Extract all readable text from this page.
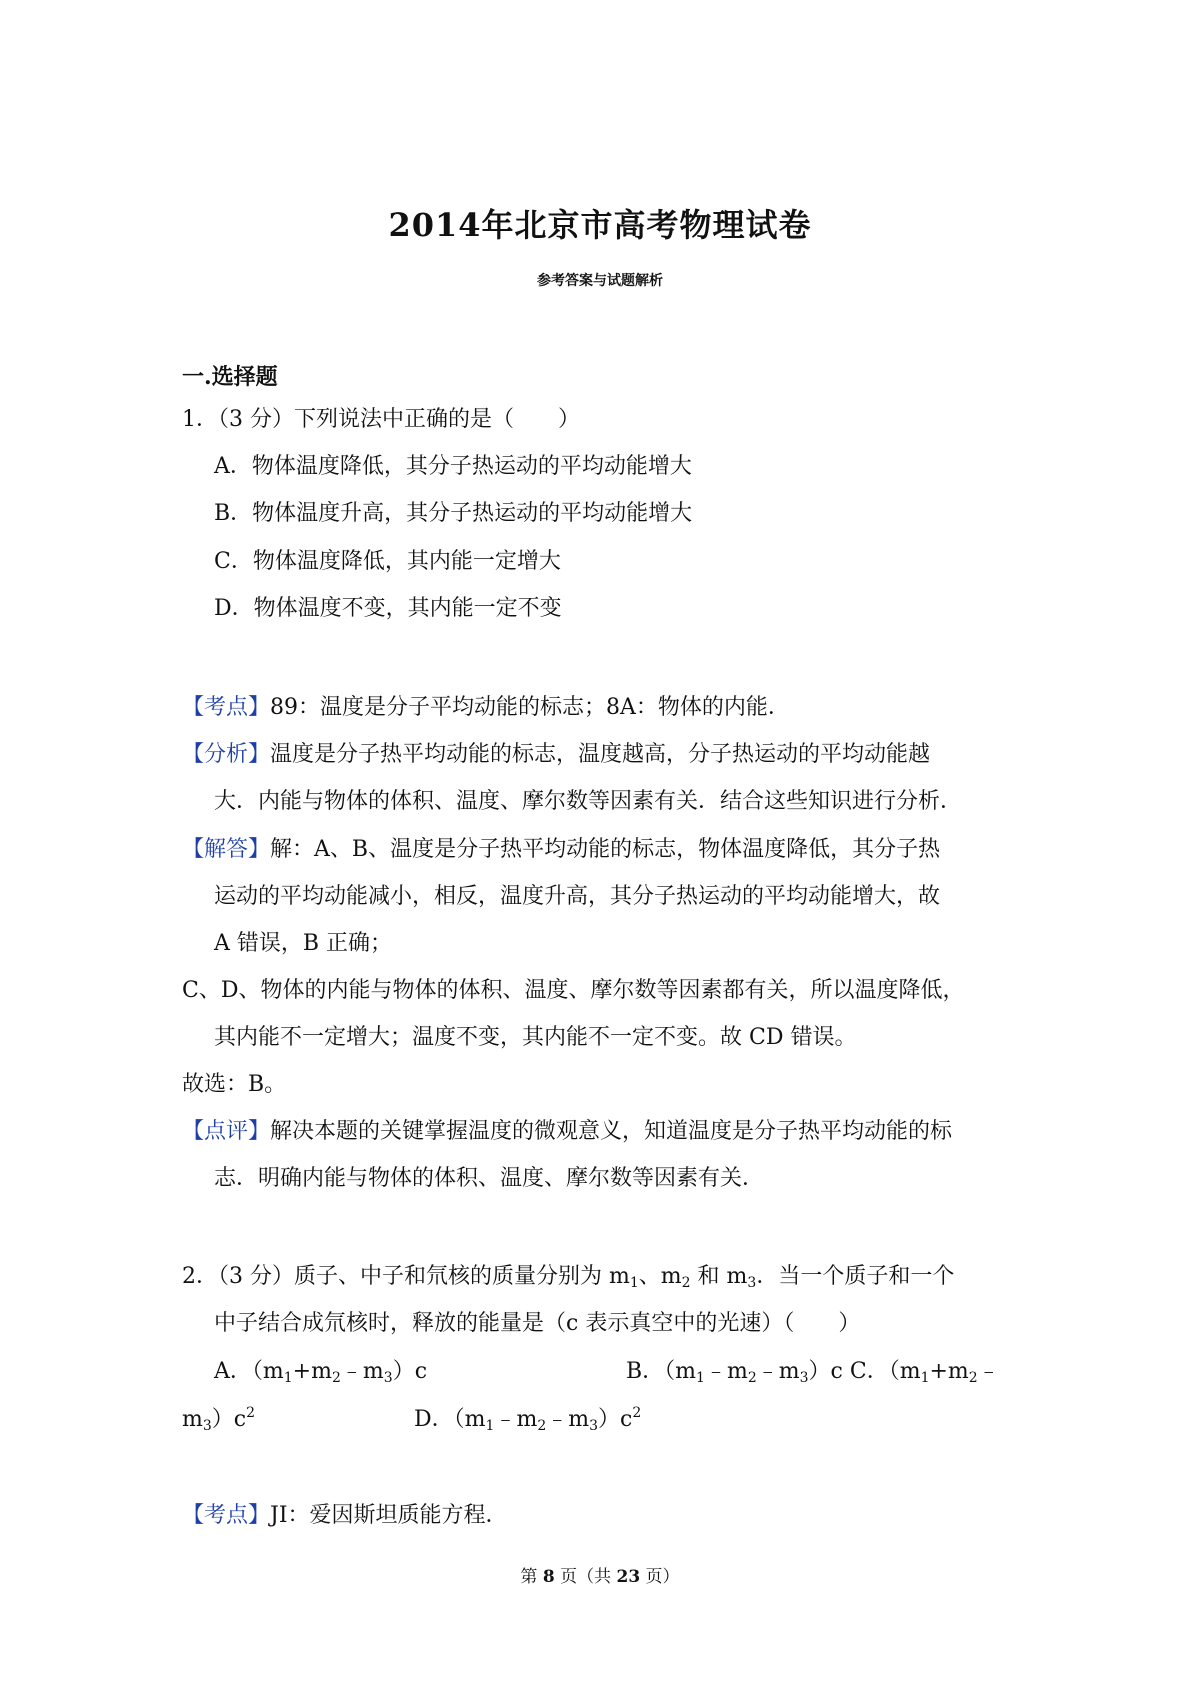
2014年北京市高考物理试卷
参考答案与试题解析
一.选择题
1．（3 分）下列说法中正确的是（　　）
A．物体温度降低，其分子热运动的平均动能增大
B．物体温度升高，其分子热运动的平均动能增大
C．物体温度降低，其内能一定增大
D．物体温度不变，其内能一定不变
【考点】89：温度是分子平均动能的标志；8A：物体的内能．
【分析】温度是分子热平均动能的标志，温度越高，分子热运动的平均动能越
大．内能与物体的体积、温度、摩尔数等因素有关．结合这些知识进行分析．
【解答】解：A、B、温度是分子热平均动能的标志，物体温度降低，其分子热
运动的平均动能减小，相反，温度升高，其分子热运动的平均动能增大，故
A 错误，B 正确；
C、D、物体的内能与物体的体积、温度、摩尔数等因素都有关，所以温度降低，
其内能不一定增大；温度不变，其内能不一定不变。故 CD 错误。
故选：B。
【点评】解决本题的关键掌握温度的微观意义，知道温度是分子热平均动能的标
志．明确内能与物体的体积、温度、摩尔数等因素有关．
2．（3 分）质子、中子和氘核的质量分别为 $m_1$、$m_2$ 和 $m_3$．当一个质子和一个
中子结合成氘核时，释放的能量是（c 表示真空中的光速）（　　）
A．$(m_1+m_2﹣m_3)c$	B．$(m_1﹣m_2﹣m_3)c$ C．（$m_1+m_2﹣$
$m_3)c^2$	D．$(m_1﹣m_2﹣m_3)c^2$
【考点】JI：爱因斯坦质能方程．
第 8 页（共 23 页）
